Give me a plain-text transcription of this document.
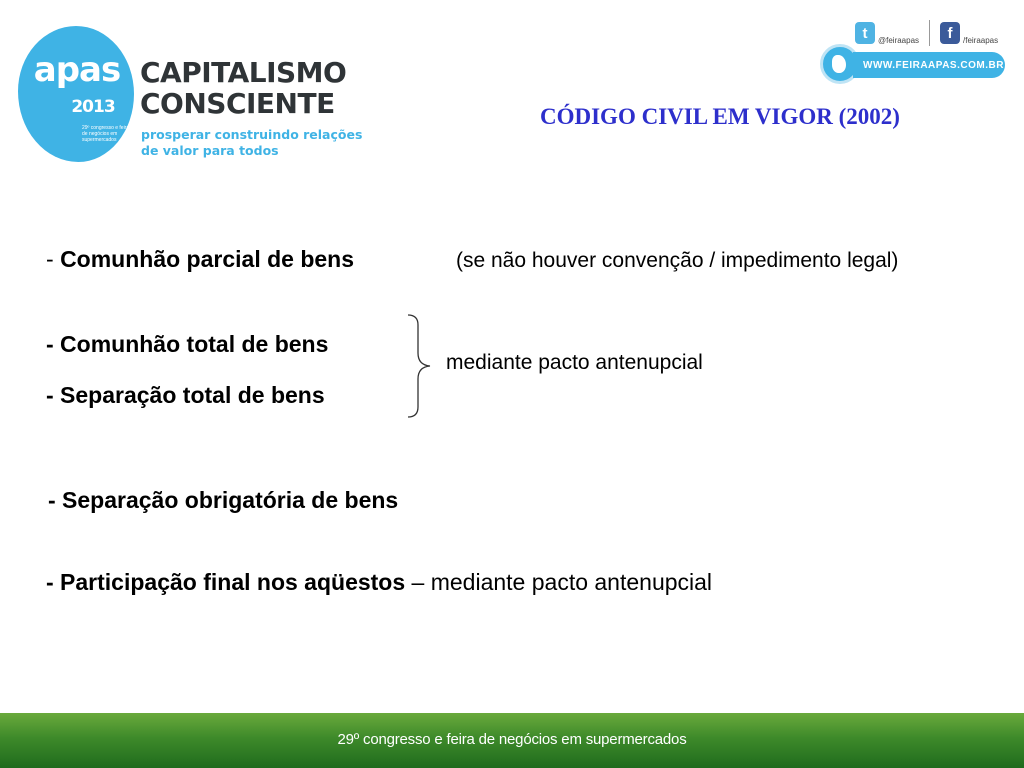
apas
2013
29º congresso e feira de negócios em supermercados
CAPITALISMO
CONSCIENTE
prosperar construindo relações
de valor para todos
t	@feiraapas	f	/feiraapas
WWW.FEIRAAPAS.COM.BR
CÓDIGO CIVIL EM VIGOR (2002)
- Comunhão parcial de bens	(se não houver convenção / impedimento legal)
- Comunhão total de bens
- Separação total de bens
mediante pacto antenupcial
- Separação obrigatória de bens
- Participação final nos aqüestos – mediante pacto antenupcial
29º congresso e feira de negócios em supermercados
